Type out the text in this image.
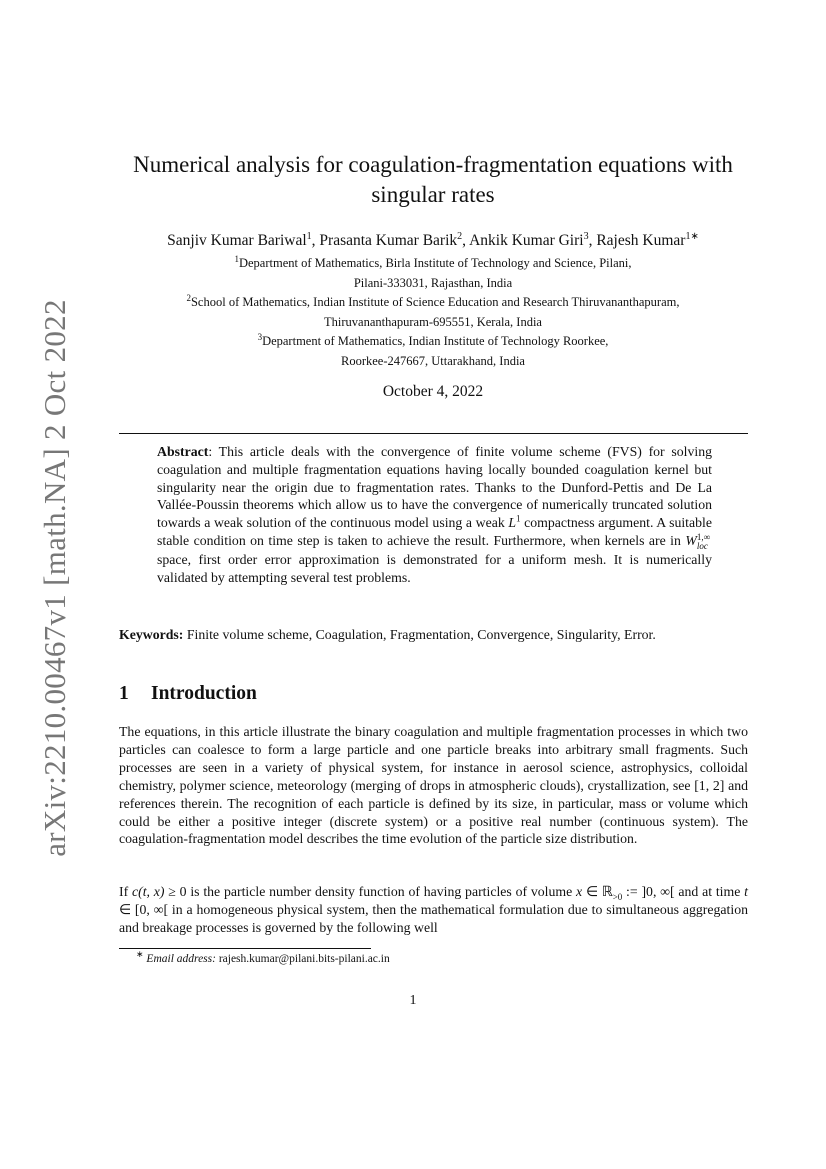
arXiv:2210.00467v1 [math.NA] 2 Oct 2022
Numerical analysis for coagulation-fragmentation equations with singular rates
Sanjiv Kumar Bariwal$^1$, Prasanta Kumar Barik$^2$, Ankik Kumar Giri$^3$, Rajesh Kumar$^{1∗}$
$^1$Department of Mathematics, Birla Institute of Technology and Science, Pilani,
Pilani-333031, Rajasthan, India
$^2$School of Mathematics, Indian Institute of Science Education and Research Thiruvananthapuram,
Thiruvananthapuram-695551, Kerala, India
$^3$Department of Mathematics, Indian Institute of Technology Roorkee,
Roorkee-247667, Uttarakhand, India
October 4, 2022

Abstract: This article deals with the convergence of finite volume scheme (FVS) for solving coagulation and multiple fragmentation equations having locally bounded coagulation kernel but singularity near the origin due to fragmentation rates. Thanks to the Dunford-Pettis and De La Vallée-Poussin theorems which allow us to have the convergence of numerically truncated solution towards a weak solution of the continuous model using a weak $L^1$ compactness argument. A suitable stable condition on time step is taken to achieve the result. Furthermore, when kernels are in W 1,∞
loc
space, first order error approximation is demonstrated for a uniform mesh. It is numerically validated by attempting several test problems.

Keywords: Finite volume scheme, Coagulation, Fragmentation, Convergence, Singularity, Error.

1 Introduction

The equations, in this article illustrate the binary coagulation and multiple fragmentation processes in which two particles can coalesce to form a large particle and one particle breaks into arbitrary small fragments. Such processes are seen in a variety of physical system, for instance in aerosol science, astrophysics, colloidal chemistry, polymer science, meteorology (merging of drops in atmospheric clouds), crystallization, see [1, 2] and references therein. The recognition of each particle is defined by its size, in particular, mass or volume which could be either a positive integer (discrete system) or a positive real number (continuous system). The coagulation-fragmentation model describes the time evolution of the particle size distribution.

If c(t, x) ≥ 0 is the particle number density function of having particles of volume x ∈ ℝ$_{>0}$ := ]0, ∞[ and at time t ∈ [0, ∞[ in a homogeneous physical system, then the mathematical formulation due to simultaneous aggregation and breakage processes is governed by the following well

∗ Email address: rajesh.kumar@pilani.bits-pilani.ac.in
1
